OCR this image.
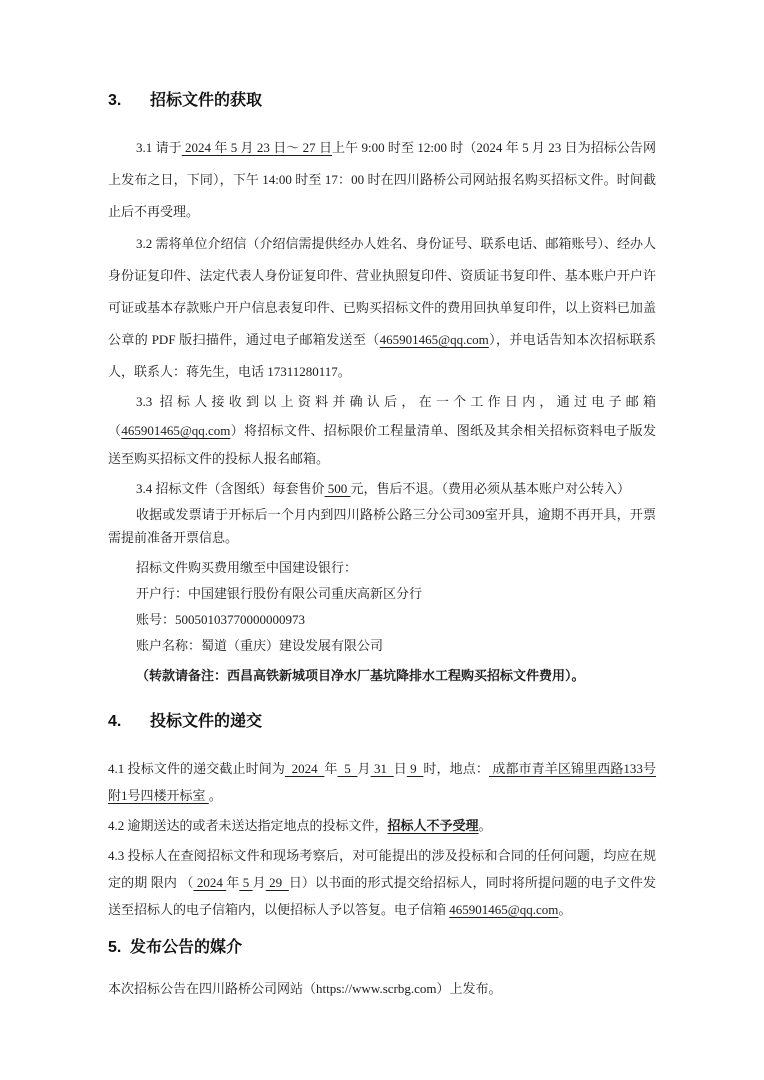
3. 招标文件的获取

3.1 请于 2024 年 5 月 23 日～ 27 日上午 9:00 时至 12:00 时（2024 年 5 月 23 日为招标公告网上发布之日，下同），下午 14:00 时至 17：00 时在四川路桥公司网站报名购买招标文件。时间截止后不再受理。

3.2 需将单位介绍信（介绍信需提供经办人姓名、身份证号、联系电话、邮箱账号）、经办人身份证复印件、法定代表人身份证复印件、营业执照复印件、资质证书复印件、基本账户开户许可证或基本存款账户开户信息表复印件、已购买招标文件的费用回执单复印件，以上资料已加盖公章的 PDF 版扫描件，通过电子邮箱发送至（465901465@qq.com），并电话告知本次招标联系人，联系人：蒋先生，电话 17311280117。

3.3 招标人接收到以上资料并确认后，在一个工作日内，通过电子邮箱（465901465@qq.com）将招标文件、招标限价工程量清单、图纸及其余相关招标资料电子版发送至购买招标文件的投标人报名邮箱。

3.4 招标文件（含图纸）每套售价 500 元，售后不退。（费用必须从基本账户对公转入）

收据或发票请于开标后一个月内到四川路桥公路三分公司309室开具，逾期不再开具，开票需提前准备开票信息。

招标文件购买费用缴至中国建设银行：

开户行：中国建银行股份有限公司重庆高新区分行

账号：50050103770000000973

账户名称：蜀道（重庆）建设发展有限公司

（转款请备注：西昌高铁新城项目净水厂基坑降排水工程购买招标文件费用）。

4. 投标文件的递交

4.1 投标文件的递交截止时间为  2024  年  5  月 31  日 9  时，地点： 成都市青羊区锦里西路133号附1号四楼开标室 。

4.2 逾期送达的或者未送达指定地点的投标文件，招标人不予受理。

4.3 投标人在查阅招标文件和现场考察后，对可能提出的涉及投标和合同的任何问题，均应在规定的期 限内 （ 2024 年 5 月 29  日）以书面的形式提交给招标人，同时将所提问题的电子文件发送至招标人的电子信箱内，以便招标人予以答复。电子信箱 465901465@qq.com。

5. 发布公告的媒介

本次招标公告在四川路桥公司网站（https://www.scrbg.com）上发布。
